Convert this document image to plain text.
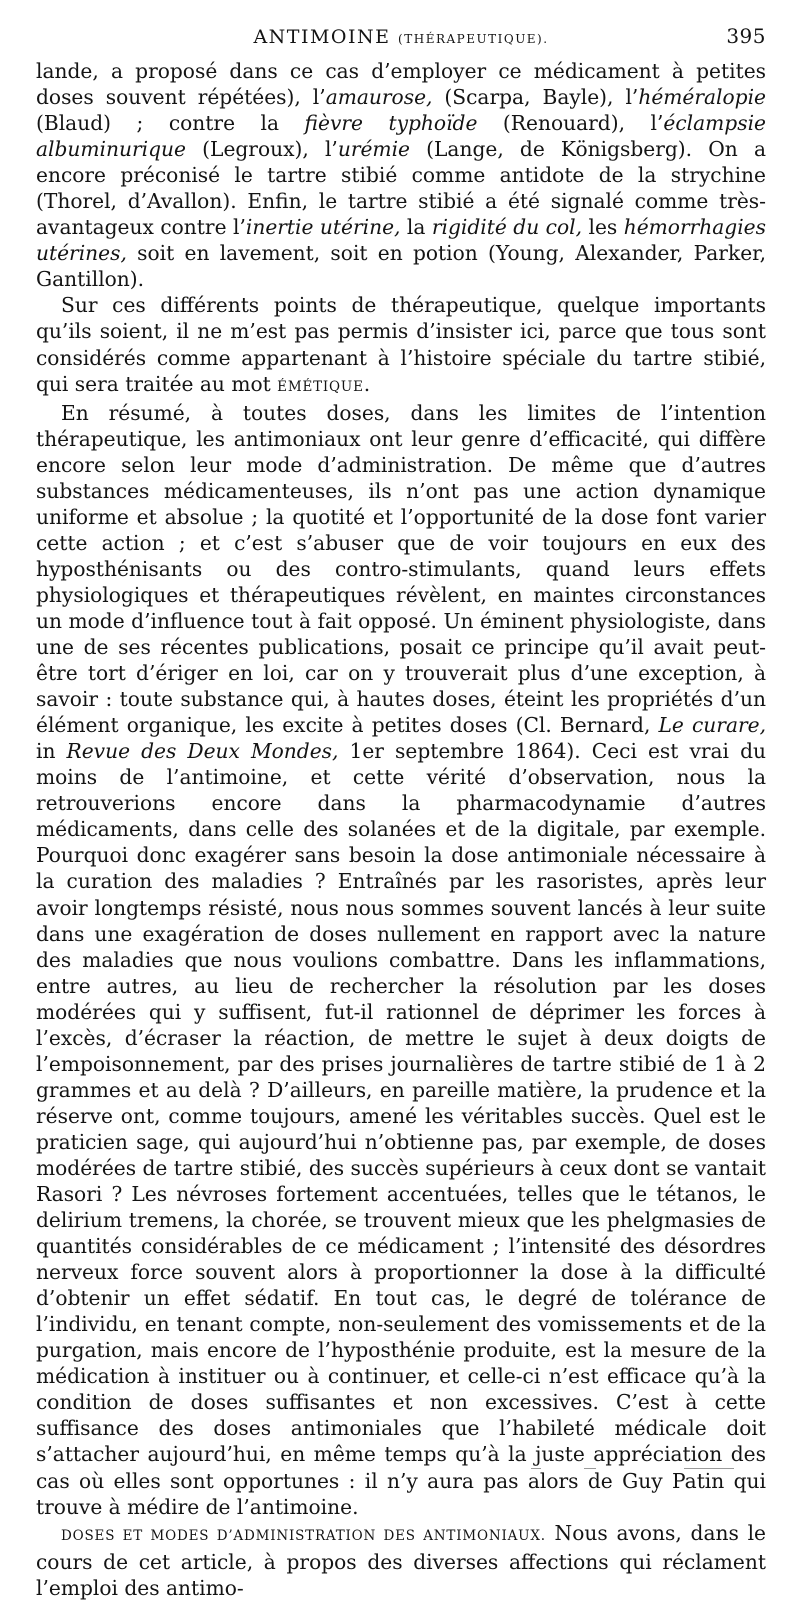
ANTIMOINE (THÉRAPEUTIQUE).	395

lande, a proposé dans ce cas d’employer ce médicament à petites doses souvent répétées), l’amaurose, (Scarpa, Bayle), l’héméralopie (Blaud) ; contre la fièvre typhoïde (Renouard), l’éclampsie albuminurique (Legroux), l’urémie (Lange, de Königsberg). On a encore préconisé le tartre stibié comme antidote de la strychine (Thorel, d’Avallon). Enfin, le tartre stibié a été signalé comme très-avantageux contre l’inertie utérine, la rigidité du col, les hémorrhagies utérines, soit en lavement, soit en potion (Young, Alexander, Parker, Gantillon).

Sur ces différents points de thérapeutique, quelque importants qu’ils soient, il ne m’est pas permis d’insister ici, parce que tous sont considérés comme appartenant à l’histoire spéciale du tartre stibié, qui sera traitée au mot ÉMÉTIQUE.

En résumé, à toutes doses, dans les limites de l’intention thérapeutique, les antimoniaux ont leur genre d’efficacité, qui diffère encore selon leur mode d’administration. De même que d’autres substances médicamenteuses, ils n’ont pas une action dynamique uniforme et absolue ; la quotité et l’opportunité de la dose font varier cette action ; et c’est s’abuser que de voir toujours en eux des hyposthénisants ou des contro-stimulants, quand leurs effets physiologiques et thérapeutiques révèlent, en maintes circonstances un mode d’influence tout à fait opposé. Un éminent physiologiste, dans une de ses récentes publications, posait ce principe qu’il avait peut-être tort d’ériger en loi, car on y trouverait plus d’une exception, à savoir : toute substance qui, à hautes doses, éteint les propriétés d’un élément organique, les excite à petites doses (Cl. Bernard, Le curare, in Revue des Deux Mondes, 1er septembre 1864). Ceci est vrai du moins de l’antimoine, et cette vérité d’observation, nous la retrouverions encore dans la pharmacodynamie d’autres médicaments, dans celle des solanées et de la digitale, par exemple. Pourquoi donc exagérer sans besoin la dose antimoniale nécessaire à la curation des maladies ? Entraînés par les rasoristes, après leur avoir longtemps résisté, nous nous sommes souvent lancés à leur suite dans une exagération de doses nullement en rapport avec la nature des maladies que nous voulions combattre. Dans les inflammations, entre autres, au lieu de rechercher la résolution par les doses modérées qui y suffisent, fut-il rationnel de déprimer les forces à l’excès, d’écraser la réaction, de mettre le sujet à deux doigts de l’empoisonnement, par des prises journalières de tartre stibié de 1 à 2 grammes et au delà ? D’ailleurs, en pareille matière, la prudence et la réserve ont, comme toujours, amené les véritables succès. Quel est le praticien sage, qui aujourd’hui n’obtienne pas, par exemple, de doses modérées de tartre stibié, des succès supérieurs à ceux dont se vantait Rasori ? Les névroses fortement accentuées, telles que le tétanos, le delirium tremens, la chorée, se trouvent mieux que les phelgmasies de quantités considérables de ce médicament ; l’intensité des désordres nerveux force souvent alors à proportionner la dose à la difficulté d’obtenir un effet sédatif. En tout cas, le degré de tolérance de l’individu, en tenant compte, non-seulement des vomissements et de la purgation, mais encore de l’hyposthénie produite, est la mesure de la médication à instituer ou à continuer, et celle-ci n’est efficace qu’à la condition de doses suffisantes et non excessives. C’est à cette suffisance des doses antimoniales que l’habileté médicale doit s’attacher aujourd’hui, en même temps qu’à la juste appréciation des cas où elles sont opportunes : il n’y aura pas alors de Guy Patin qui trouve à médire de l’antimoine.

DOSES ET MODES D’ADMINISTRATION DES ANTIMONIAUX. Nous avons, dans le cours de cet article, à propos des diverses affections qui réclament l’emploi des antimo-
